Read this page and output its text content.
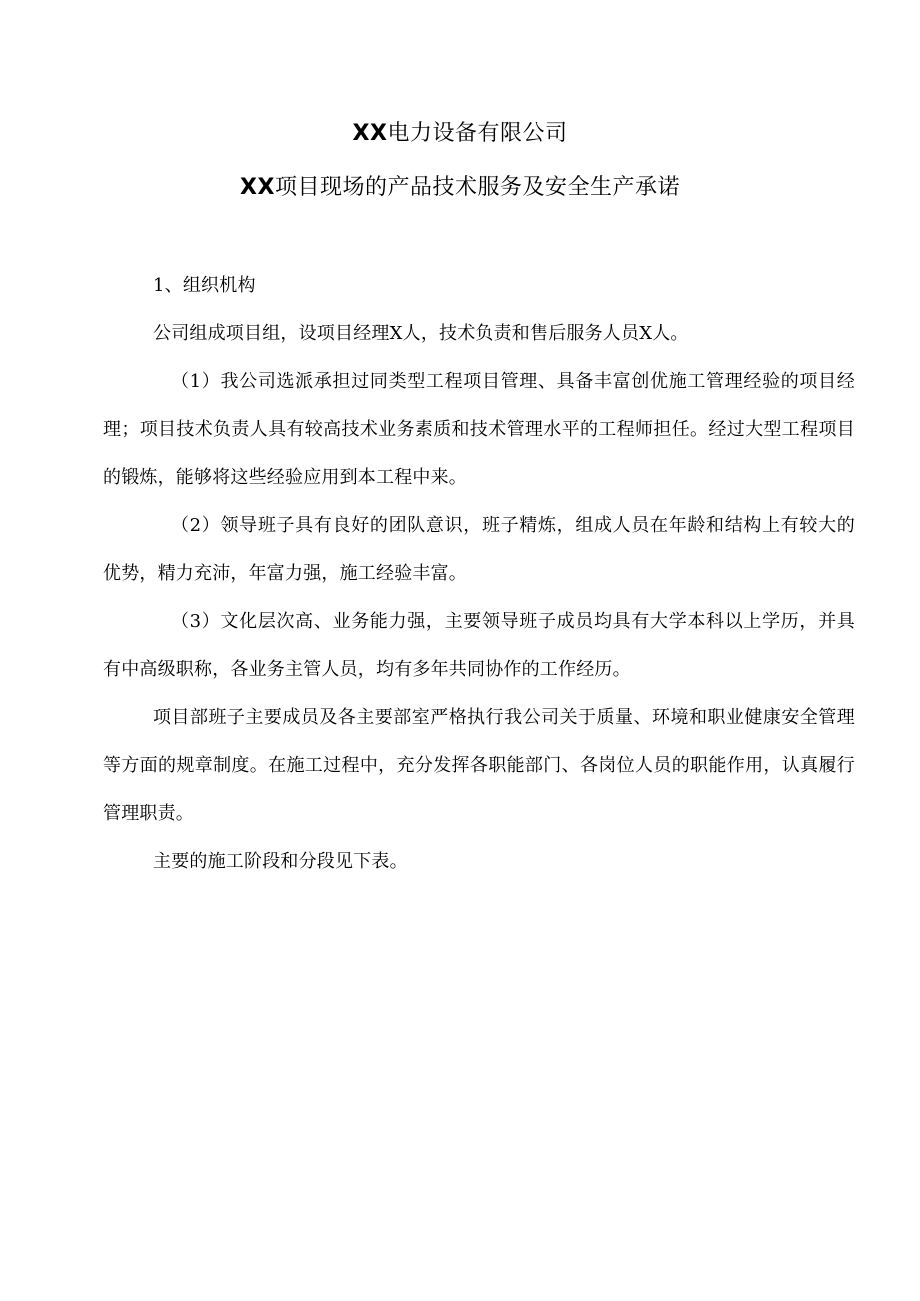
XX电力设备有限公司
XX项目现场的产品技术服务及安全生产承诺

1、组织机构

公司组成项目组，设项目经理X人，技术负责和售后服务人员X人。

（1）我公司选派承担过同类型工程项目管理、具备丰富创优施工管理经验的项目经理；项目技术负责人具有较高技术业务素质和技术管理水平的工程师担任。经过大型工程项目的锻炼，能够将这些经验应用到本工程中来。

（2）领导班子具有良好的团队意识，班子精炼，组成人员在年龄和结构上有较大的优势，精力充沛，年富力强，施工经验丰富。

（3）文化层次高、业务能力强，主要领导班子成员均具有大学本科以上学历，并具有中高级职称，各业务主管人员，均有多年共同协作的工作经历。

项目部班子主要成员及各主要部室严格执行我公司关于质量、环境和职业健康安全管理等方面的规章制度。在施工过程中，充分发挥各职能部门、各岗位人员的职能作用，认真履行管理职责。

主要的施工阶段和分段见下表。
